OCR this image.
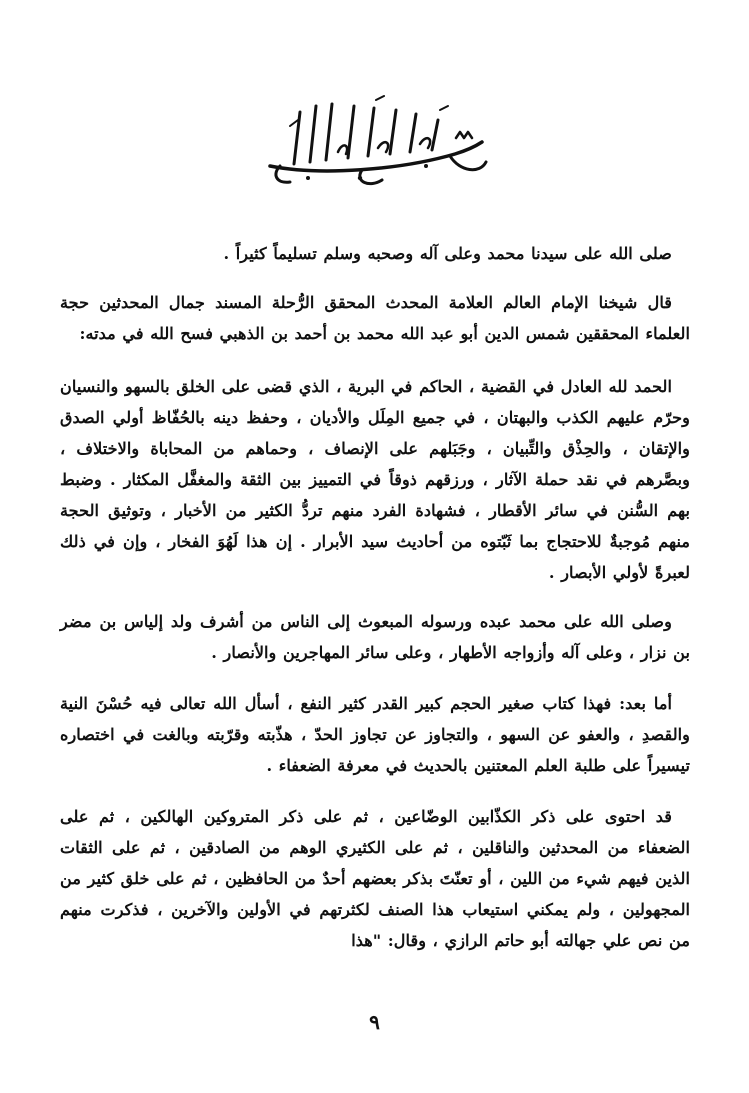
صلى الله على سيدنا محمد وعلى آله وصحبه وسلم تسليماً كثيراً .

قال شيخنا الإمام العالم العلامة المحدث المحقق الرُّحلة المسند جمال المحدثين حجة العلماء المحققين شمس الدين أبو عبد الله محمد بن أحمد بن الذهبي فسح الله في مدته:

الحمد لله العادل في القضية ، الحاكم في البرية ، الذي قضى على الخلق بالسهو والنسيان وحرّم عليهم الكذب والبهتان ، في جميع المِلَل والأديان ، وحفظ دينه بالحُفّاظ أولي الصدق والإتقان ، والحِذْق والتِّبيان ، وجَبَلهم على الإنصاف ، وحماهم من المحاباة والاختلاف ، وبصَّرهم في نقد حملة الآثار ، ورزقهم ذوقاً في التمييز بين الثقة والمغفَّل المكثار . وضبط بهم السُّنن في سائر الأقطار ، فشهادة الفرد منهم تردُّ الكثير من الأخبار ، وتوثيق الحجة منهم مُوجبةٌ للاحتجاج بما ثَبّتوه من أحاديث سيد الأبرار . إن هذا لَهُوَ الفخار ، وإن في ذلك لعبرةً لأولي الأبصار .

وصلى الله على محمد عبده ورسوله المبعوث إلى الناس من أشرف ولد إلياس بن مضر بن نزار ، وعلى آله وأزواجه الأطهار ، وعلى سائر المهاجرين والأنصار .

أما بعد: فهذا كتاب صغير الحجم كبير القدر كثير النفع ، أسأل الله تعالى فيه حُسْنَ النية والقصدِ ، والعفو عن السهو ، والتجاوز عن تجاوز الحدّ ، هذّبته وقرّبته وبالغت في اختصاره تيسيراً على طلبة العلم المعتنين بالحديث في معرفة الضعفاء .

قد احتوى على ذكر الكذّابين الوضّاعين ، ثم على ذكر المتروكين الهالكين ، ثم على الضعفاء من المحدثين والناقلين ، ثم على الكثيري الوهم من الصادقين ، ثم على الثقات الذين فيهم شيء من اللين ، أو تعنّتَ بذكر بعضهم أحدٌ من الحافظين ، ثم على خلق كثير من المجهولين ، ولم يمكني استيعاب هذا الصنف لكثرتهم في الأولين والآخرين ، فذكرت منهم من نص علي جهالته أبو حاتم الرازي ، وقال: "هذا

٩
